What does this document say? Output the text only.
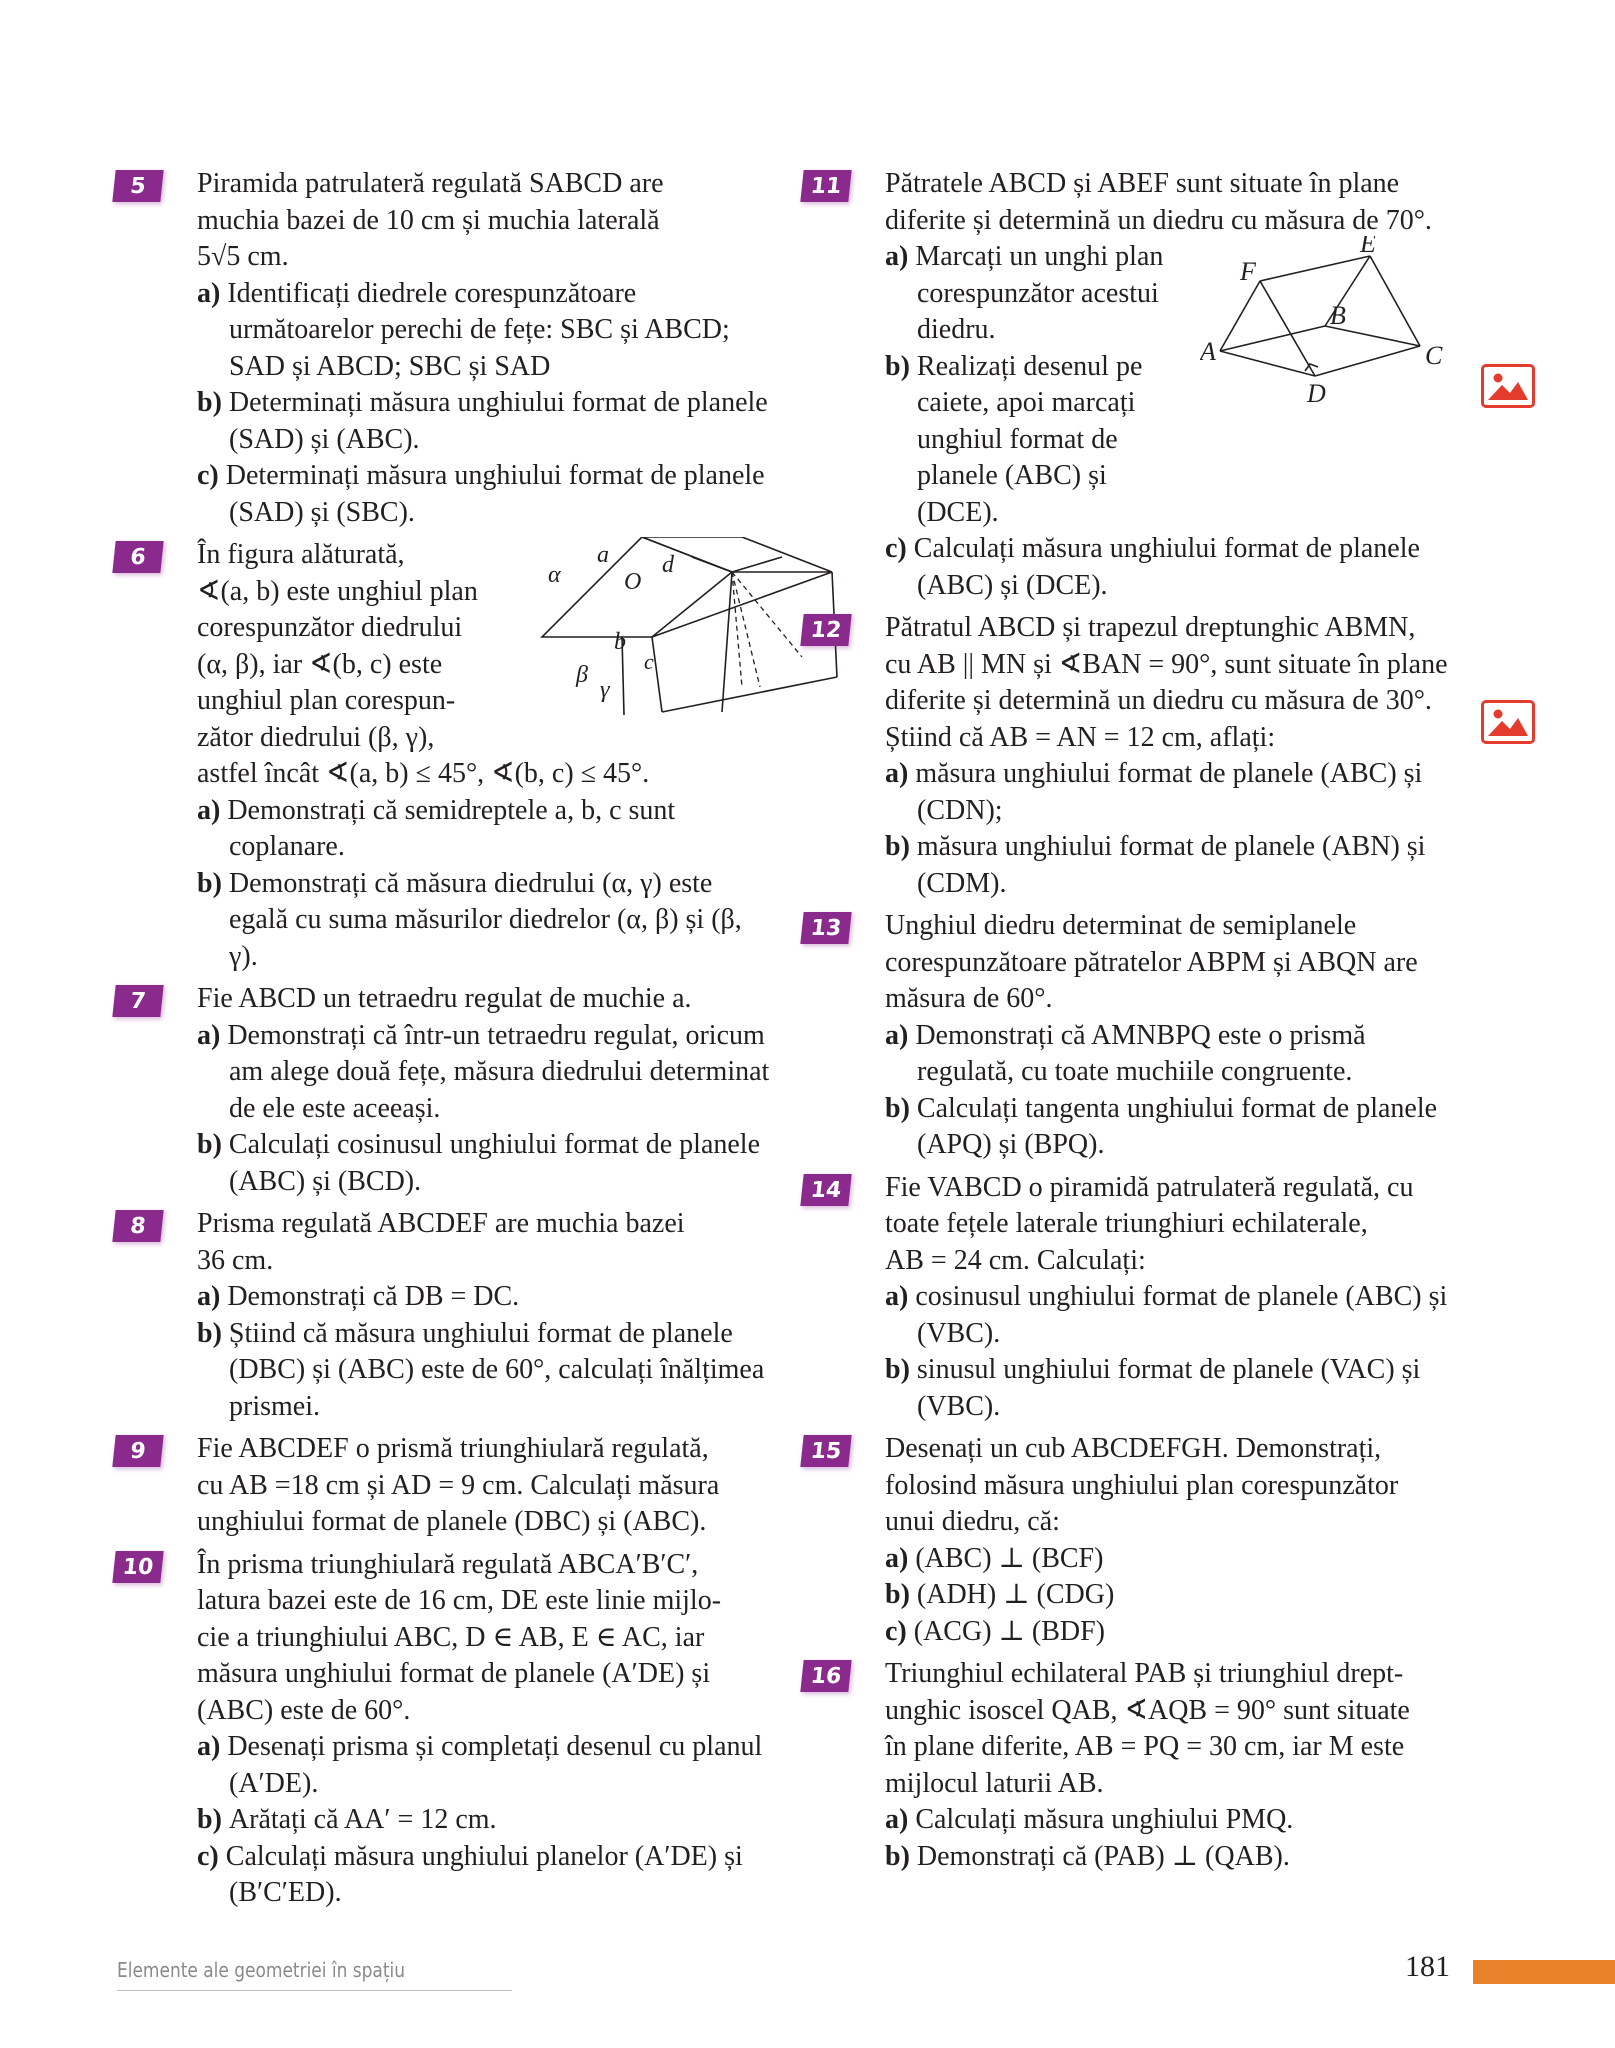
5	Piramida patrulateră regulată SABCD are

muchia bazei de 10 cm și muchia laterală

5√5 cm.

a) Identificați diedrele corespunzătoare următoarelor perechi de fețe: SBC și ABCD; SAD și ABCD; SBC și SAD

b) Determinați măsura unghiului format de planele (SAD) și (ABC).

c) Determinați măsura unghiului format de planele (SAD) și (SBC).

6	În figura alăturată,

∢(a, b) este unghiul plan

corespunzător diedrului

(α, β), iar ∢(b, c) este

unghiul plan corespun-

zător diedrului (β, γ),

astfel încât ∢(a, b) ≤ 45°, ∢(b, c) ≤ 45°.

a) Demonstrați că semidreptele a, b, c sunt coplanare.

b) Demonstrați că măsura diedrului (α, γ) este egală cu suma măsurilor diedrelor (α, β) și (β, γ).

a
α	d
O
b
β
c
γ
7	Fie ABCD un tetraedru regulat de muchie a.

a) Demonstrați că într-un tetraedru regulat, oricum am alege două fețe, măsura diedrului determinat de ele este aceeași.

b) Calculați cosinusul unghiului format de planele (ABC) și (BCD).

8	Prisma regulată ABCDEF are muchia bazei

36 cm.

a) Demonstrați că DB = DC.

b) Știind că măsura unghiului format de planele (DBC) și (ABC) este de 60°, calculați înălțimea prismei.

9	Fie ABCDEF o prismă triunghiulară regulată,

cu AB =18 cm și AD = 9 cm. Calculați măsura

unghiului format de planele (DBC) și (ABC).

10	În prisma triunghiulară regulată ABCA′B′C′,

latura bazei este de 16 cm, DE este linie mijlo-

cie a triunghiului ABC, D ∈ AB, E ∈ AC, iar

măsura unghiului format de planele (A′DE) și

(ABC) este de 60°.

a) Desenați prisma și completați desenul cu planul (A′DE).

b) Arătați că AA′ = 12 cm.

c) Calculați măsura unghiului planelor (A′DE) și (B′C′ED).

11	Pătratele ABCD și ABEF sunt situate în plane

diferite și determină un diedru cu măsura de 70°.

a) Marcați un unghi plan corespunzător acestui diedru.

b) Realizați desenul pe caiete, apoi marcați unghiul format de planele (ABC) și (DCE).

c) Calculați măsura unghiului format de planele (ABC) și (DCE).

E
F
B
A	C
D
12	Pătratul ABCD și trapezul dreptunghic ABMN,

cu AB || MN și ∢BAN = 90°, sunt situate în plane

diferite și determină un diedru cu măsura de 30°.

Știind că AB = AN = 12 cm, aflați:

a) măsura unghiului format de planele (ABC) și (CDN);

b) măsura unghiului format de planele (ABN) și (CDM).

13	Unghiul diedru determinat de semiplanele

corespunzătoare pătratelor ABPM și ABQN are

măsura de 60°.

a) Demonstrați că AMNBPQ este o prismă regulată, cu toate muchiile congruente.

b) Calculați tangenta unghiului format de planele (APQ) și (BPQ).

14	Fie VABCD o piramidă patrulateră regulată, cu

toate fețele laterale triunghiuri echilaterale,

AB = 24 cm. Calculați:

a) cosinusul unghiului format de planele (ABC) și (VBC).

b) sinusul unghiului format de planele (VAC) și (VBC).

15	Desenați un cub ABCDEFGH. Demonstrați,

folosind măsura unghiului plan corespunzător

unui diedru, că:

a) (ABC) ⊥ (BCF)

b) (ADH) ⊥ (CDG)

c) (ACG) ⊥ (BDF)

16	Triunghiul echilateral PAB și triunghiul drept-

unghic isoscel QAB, ∢AQB = 90° sunt situate

în plane diferite, AB = PQ = 30 cm, iar M este

mijlocul laturii AB.

a) Calculați măsura unghiului PMQ.

b) Demonstrați că (PAB) ⊥ (QAB).

Elemente ale geometriei în spațiu	181
